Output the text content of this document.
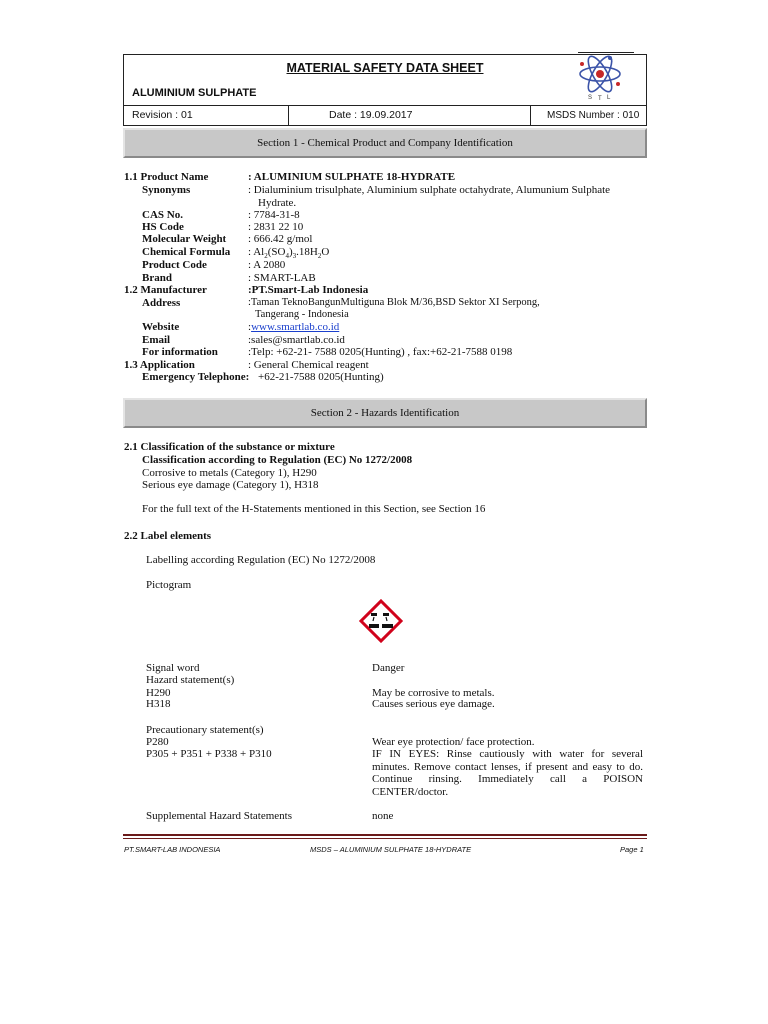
MATERIAL SAFETY DATA SHEET
ALUMINIUM SULPHATE	S T L
Revision : 01	Date : 19.09.2017	MSDS Number : 010
Section 1 - Chemical Product and Company Identification
1.1 Product Name	: ALUMINIUM SULPHATE 18-HYDRATE
Synonyms	: Dialuminium trisulphate, Aluminium sulphate octahydrate, Alumunium Sulphate
Hydrate.
CAS No.	: 7784-31-8
HS Code	: 2831 22 10
Molecular Weight : 666.42 g/mol
Chemical Formula : $Al_2(SO_4)_3.18H_2O$
Product Code	: A 2080
Brand	: SMART-LAB
1.2 Manufacturer	:PT.Smart-Lab Indonesia
Address	:Taman TeknoBangunMultiguna Blok M/36,BSD Sektor XI Serpong,
Tangerang - Indonesia
Website	:www.smartlab.co.id
Email	:sales@smartlab.co.id
For information	:Telp: +62-21- 7588 0205(Hunting) , fax:+62-21-7588 0198
1.3 Application	: General Chemical reagent
Emergency Telephone: +62-21-7588 0205(Hunting)
Section 2 - Hazards Identification
2.1 Classification of the substance or mixture
Classification according to Regulation (EC) No 1272/2008
Corrosive to metals (Category 1), H290
Serious eye damage (Category 1), H318
For the full text of the H-Statements mentioned in this Section, see Section 16
2.2 Label elements
Labelling according Regulation (EC) No 1272/2008
Pictogram
Signal word	Danger
Hazard statement(s)
H290	May be corrosive to metals.
H318	Causes serious eye damage.
Precautionary statement(s)
P280	Wear eye protection/ face protection.
P305 + P351 + P338 + P310	IF IN EYES: Rinse cautiously with water for several minutes. Remove contact lenses, if present and easy to do. Continue rinsing. Immediately call a POISON CENTER/doctor.
Supplemental Hazard Statements	none
PT.SMART-LAB INDONESIA	MSDS – ALUMINIUM SULPHATE 18-HYDRATE	Page 1
